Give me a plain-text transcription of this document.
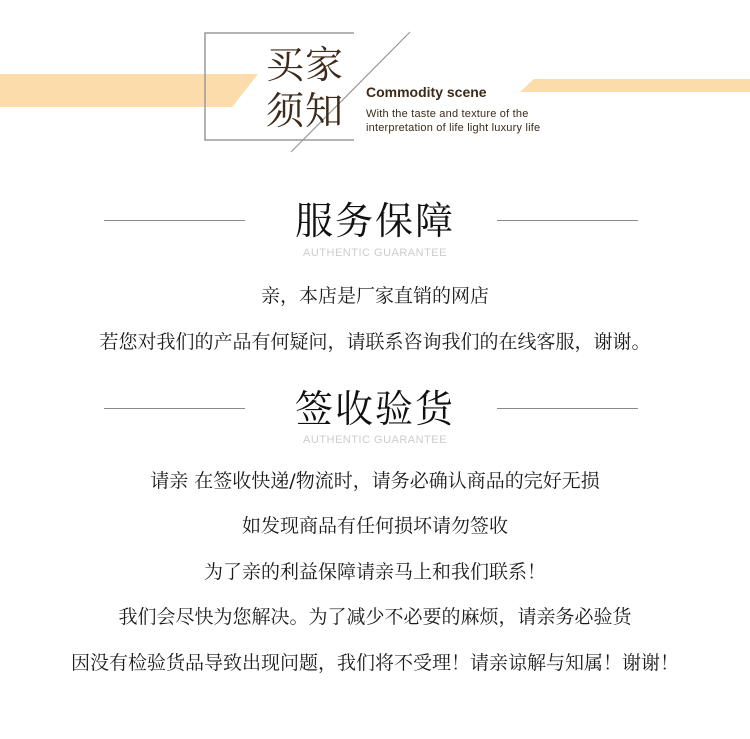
买家
须知 Commodity scene
With the taste and texture of the
interpretation of life light luxury life
服务保障
AUTHENTIC GUARANTEE
亲，本店是厂家直销的网店
若您对我们的产品有何疑问，请联系咨询我们的在线客服，谢谢。
签收验货
AUTHENTIC GUARANTEE
请亲 在签收快递/物流时，请务必确认商品的完好无损
如发现商品有任何损坏请勿签收
为了亲的利益保障请亲马上和我们联系！
我们会尽快为您解决。为了减少不必要的麻烦，请亲务必验货
因没有检验货品导致出现问题，我们将不受理！请亲谅解与知属！谢谢！
